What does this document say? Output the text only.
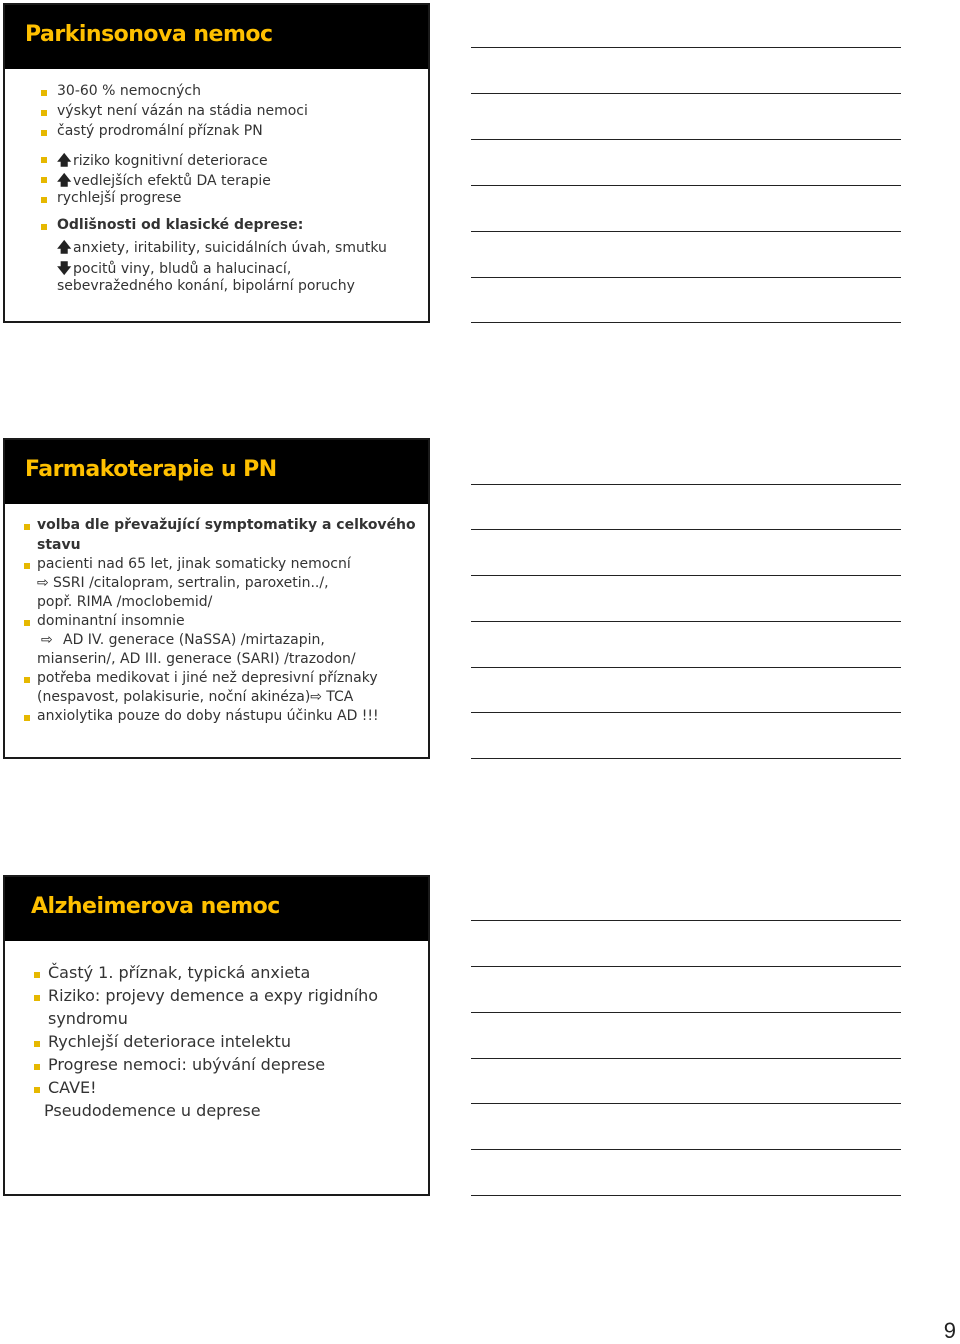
Parkinsonova nemoc
30-60 % nemocných
výskyt není vázán na stádia nemoci
častý prodromální příznak PN
🡅 riziko kognitivní deteriorace
🡅 vedlejších efektů DA terapie
rychlejší progrese
Odlišnosti od klasické deprese:
🡅 anxiety, iritability, suicidálních úvah, smutku
🡇 pocitů viny, bludů a halucinací,
sebevražedného konání, bipolární poruchy
Farmakoterapie u PN
volba dle převažující symptomatiky a celkového
stavu
pacienti nad 65 let, jinak somaticky nemocní
⇨ SSRI /citalopram, sertralin, paroxetin../,
popř. RIMA /moclobemid/
dominantní insomnie
⇨ AD IV. generace (NaSSA) /mirtazapin,
mianserin/, AD III. generace (SARI) /trazodon/
potřeba medikovat i jiné než depresivní příznaky
(nespavost, polakisurie, noční akinéza)⇨ TCA
anxiolytika pouze do doby nástupu účinku AD !!!
Alzheimerova nemoc
Častý 1. příznak, typická anxieta
Riziko: projevy demence a expy rigidního
syndromu
Rychlejší deteriorace intelektu
Progrese nemoci: ubývání deprese
CAVE!
Pseudodemence u deprese
9
